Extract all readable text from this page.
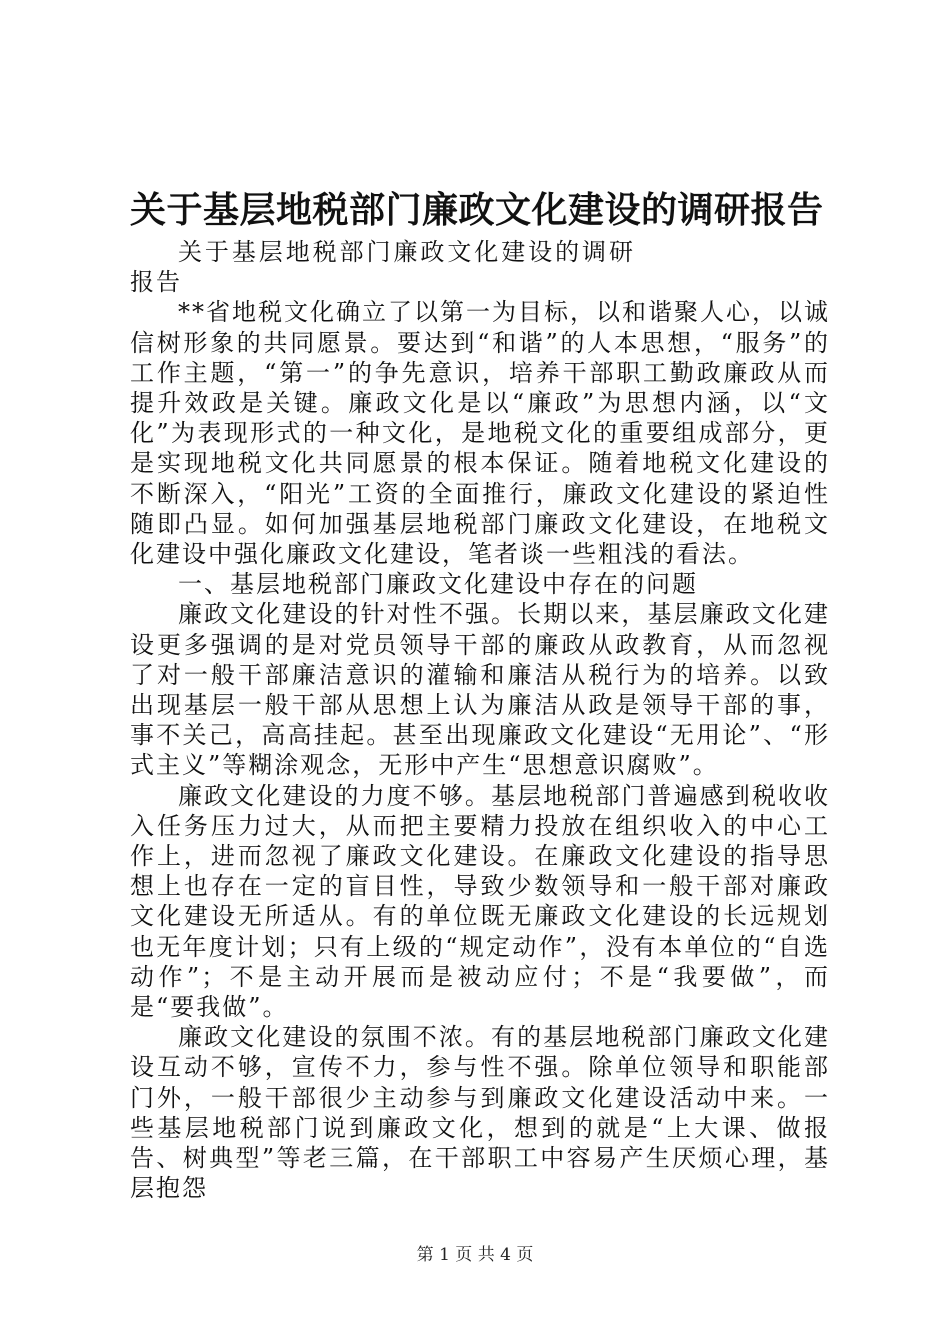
关于基层地税部门廉政文化建设的调研报告

关于基层地税部门廉政文化建设的调研报告

**省地税文化确立了以第一为目标，以和谐聚人心，以诚信树形象的共同愿景。要达到“和谐”的人本思想，“服务”的工作主题，“第一”的争先意识，培养干部职工勤政廉政从而提升效政是关键。廉政文化是以“廉政”为思想内涵，以“文化”为表现形式的一种文化，是地税文化的重要组成部分，更是实现地税文化共同愿景的根本保证。随着地税文化建设的不断深入，“阳光”工资的全面推行，廉政文化建设的紧迫性随即凸显。如何加强基层地税部门廉政文化建设，在地税文化建设中强化廉政文化建设，笔者谈一些粗浅的看法。

一、基层地税部门廉政文化建设中存在的问题

廉政文化建设的针对性不强。长期以来，基层廉政文化建设更多强调的是对党员领导干部的廉政从政教育，从而忽视了对一般干部廉洁意识的灌输和廉洁从税行为的培养。以致出现基层一般干部从思想上认为廉洁从政是领导干部的事，事不关己，高高挂起。甚至出现廉政文化建设“无用论”、“形式主义”等糊涂观念，无形中产生“思想意识腐败”。

廉政文化建设的力度不够。基层地税部门普遍感到税收收入任务压力过大，从而把主要精力投放在组织收入的中心工作上，进而忽视了廉政文化建设。在廉政文化建设的指导思想上也存在一定的盲目性，导致少数领导和一般干部对廉政文化建设无所适从。有的单位既无廉政文化建设的长远规划也无年度计划；只有上级的“规定动作”，没有本单位的“自选动作”；不是主动开展而是被动应付；不是“我要做”，而是“要我做”。

廉政文化建设的氛围不浓。有的基层地税部门廉政文化建设互动不够，宣传不力，参与性不强。除单位领导和职能部门外，一般干部很少主动参与到廉政文化建设活动中来。一些基层地税部门说到廉政文化，想到的就是“上大课、做报告、树典型”等老三篇，在干部职工中容易产生厌烦心理，基层抱怨

第 1 页 共 4 页
